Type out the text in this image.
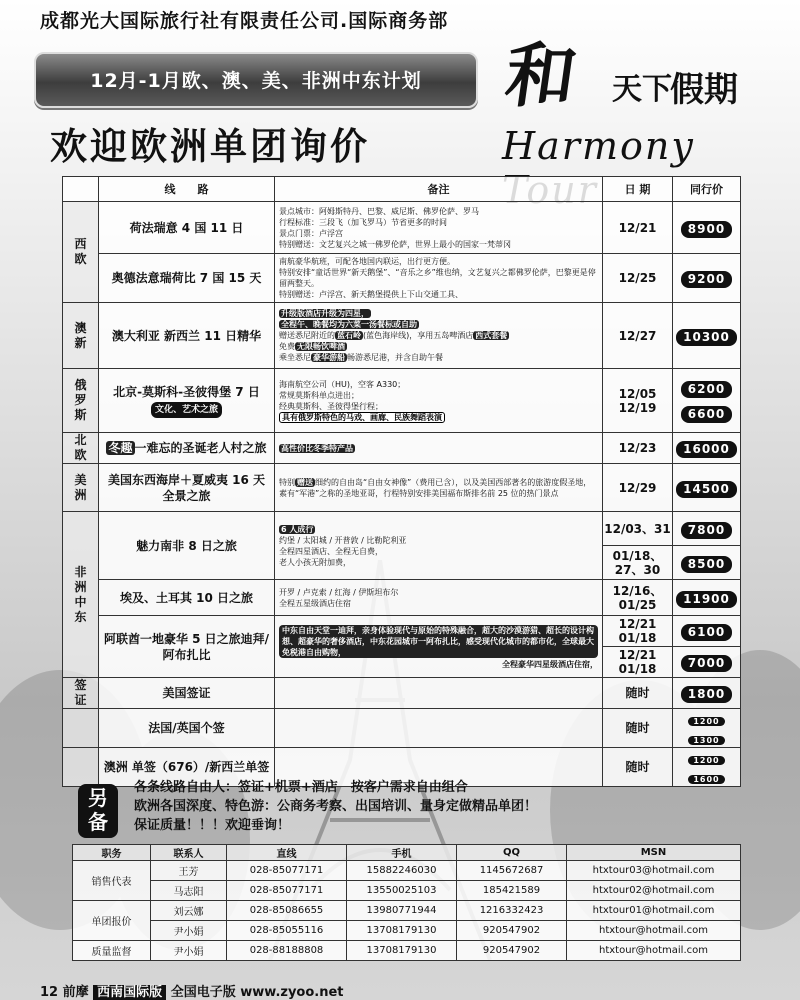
成都光大国际旅行社有限责任公司.国际商务部
12月-1月欧、澳、美、非洲中东计划
欢迎欧洲单团询价
和 天下
假期
Harmony
	线　　路	备注	日 期	同行价
西
欧	荷法瑞意 4 国 11 日	景点城市：阿姆斯特丹、巴黎、威尼斯、佛罗伦萨、罗马
行程标准：三段飞（加飞罗马）节省更多的时间
景点门票：卢浮宫
特别赠送：文艺复兴之城一佛罗伦萨，世界上最小的国家一梵蒂冈	12/21	8900
	奥德法意瑞荷比 7 国 15 天	南航豪华航班，可配各地国内联运，出行更方便。
特别安排“童话世界“新天鹅堡”、“音乐之乡”维也纳，文艺复兴之都佛罗伦萨，巴黎更是停留两整天。
特别赠送：卢浮宫、新天鹅堡提供上下山交通工具、	12/25	9200
澳
新	澳大利亚 新西兰 11 日精华	升级版酒店升级为四星，
全程午、晚餐均为六菜一汤餐标或自助
赠送悉尼附近的 蓝石岭 (蓝色海岸线)，享用五岛啤酒店 西式套餐
免费 无限畅饮啤酒
乘坐悉尼 豪华游船 畅游悉尼港，并含自助午餐	12/27	10300
俄
罗
斯	北京-莫斯科-圣彼得堡 7 日
文化、艺术之旅	海南航空公司（HU)，空客 A330；
常规莫斯科单点进出；
经典莫斯科、圣彼得堡行程；
具有俄罗斯特色的马戏、画廊、民族舞蹈表演	12/05
12/19	6200
6600
北
欧	冬趣 一难忘的圣诞老人村之旅	高性价比冬季特产品	12/23	16000
美
洲	美国东西海岸＋夏威夷 16 天全景之旅	特别 赠送 细约的自由岛“自由女神像”（费用已含），以及美国西部著名的旅游度假圣地，素有“军港”之称的圣地亚哥，行程特别安排美国福布斯排名前 25 位的热门景点	12/29	14500
非
洲
中
东	魅力南非 8 日之旅	6 人成行
约堡 / 太阳城 / 开普敦 / 比勒陀利亚
全程四星酒店、全程无自费，
老人小孩无附加费，	12/03、31	7800
			01/18、27、30	8500
	埃及、土耳其 10 日之旅	开罗 / 卢克索 / 红海 / 伊斯坦布尔
全程五星级酒店住宿	12/16、01/25	11900
	阿联酋一地豪华 5 日之旅迪拜/阿布扎比	中东自由天堂一迪拜，亲身体验现代与原始的特殊融合，超大的沙漠游猎、超长的设计构想、超豪华的奢侈酒店，中东花园城市一阿布扎比，感受现代化城市的都市化，全球最大免税港自由购物，
全程豪华四星级酒店住宿，	12/21 01/18	6100
			12/21 01/18	7000
签
证	美国签证		随时	1800
	法国/英国个签		随时	1200
1300
	澳洲 单签（676）/新西兰单签		随时	1200
1600
另
备
各条线路自由人：签证+机票+酒店　按客户需求自由组合
欧洲各国深度、特色游：公商务考察、出国培训、量身定做精品单团！
保证质量！！！欢迎垂询！
职务	联系人	直线	手机	QQ	MSN
销售代表	王芳	028-85077171	15882246030	1145672687	htxtour03@hotmail.com
	马志阳	028-85077171	13550025103	185421589	htxtour02@hotmail.com
单团报价	刘云娜	028-85086655	13980771944	1216332423	htxtour01@hotmail.com
	尹小娟	028-85055116	13708179130	920547902	htxtour@hotmail.com
质量监督	尹小娟	028-88188808	13708179130	920547902	htxtour@hotmail.com
12 前摩 西南国际版 全国电子版 www.zyoo.net
